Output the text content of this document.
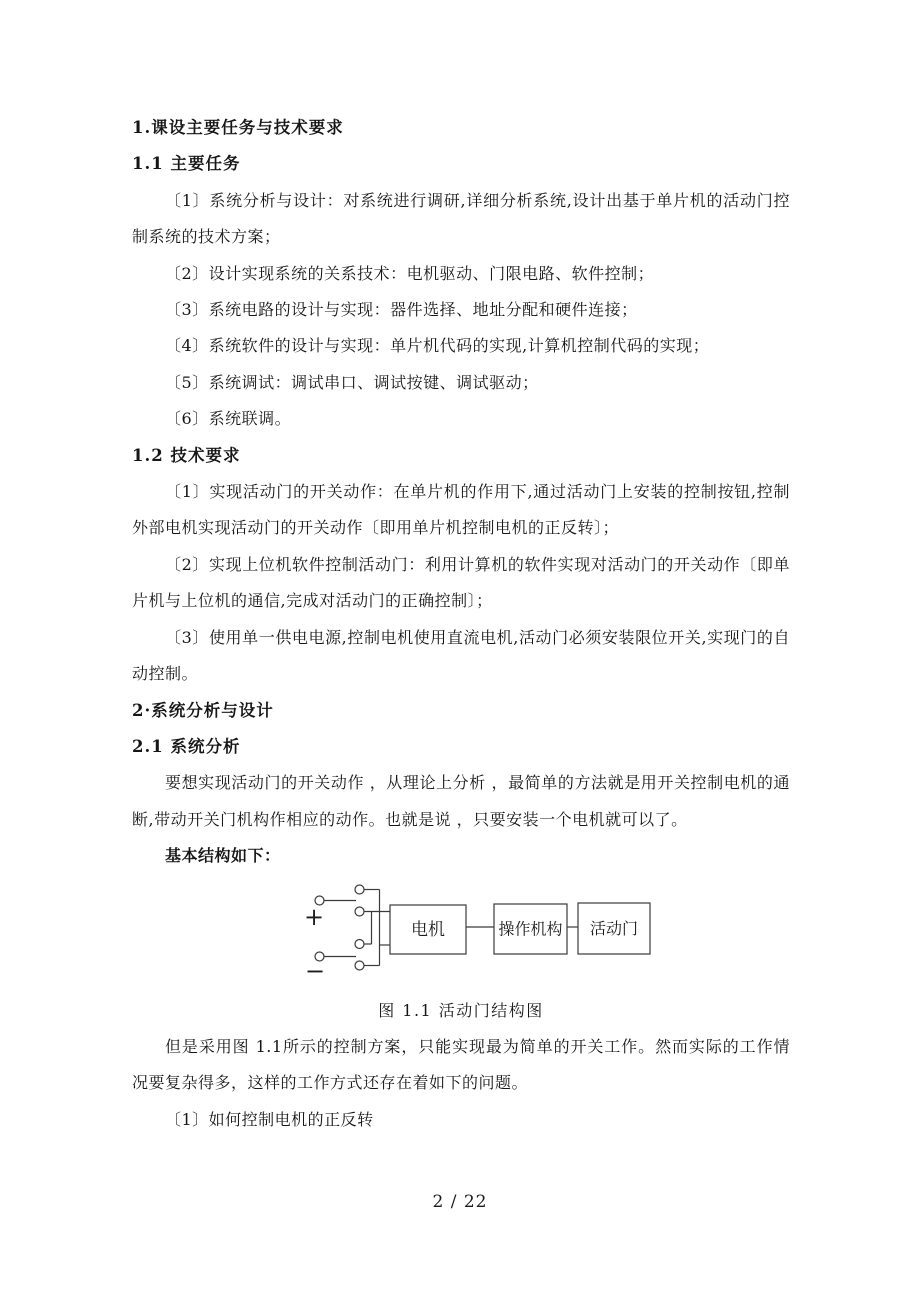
1.课设主要任务与技术要求
1.1 主要任务

〔1〕系统分析与设计：对系统进行调研,详细分析系统,设计出基于单片机的活动门控制系统的技术方案；

〔2〕设计实现系统的关系技术：电机驱动、门限电路、软件控制；

〔3〕系统电路的设计与实现：器件选择、地址分配和硬件连接；

〔4〕系统软件的设计与实现：单片机代码的实现,计算机控制代码的实现；

〔5〕系统调试：调试串口、调试按键、调试驱动；

〔6〕系统联调。

1.2 技术要求

〔1〕实现活动门的开关动作：在单片机的作用下,通过活动门上安装的控制按钮,控制外部电机实现活动门的开关动作〔即用单片机控制电机的正反转〕；

〔2〕实现上位机软件控制活动门：利用计算机的软件实现对活动门的开关动作〔即单片机与上位机的通信,完成对活动门的正确控制〕；

〔3〕使用单一供电电源,控制电机使用直流电机,活动门必须安装限位开关,实现门的自动控制。

2·系统分析与设计
2.1 系统分析

要想实现活动门的开关动作 ，从理论上分析 ，最简单的方法就是用开关控制电机的通断,带动开关门机构作相应的动作。也就是说 ，只要安装一个电机就可以了。

基本结构如下：

+
−
电机	操作机构 活动门

图 1.1 活动门结构图

但是采用图 1.1所示的控制方案，只能实现最为简单的开关工作。然而实际的工作情况要复杂得多，这样的工作方式还存在着如下的问题。

〔1〕如何控制电机的正反转

2 / 22
